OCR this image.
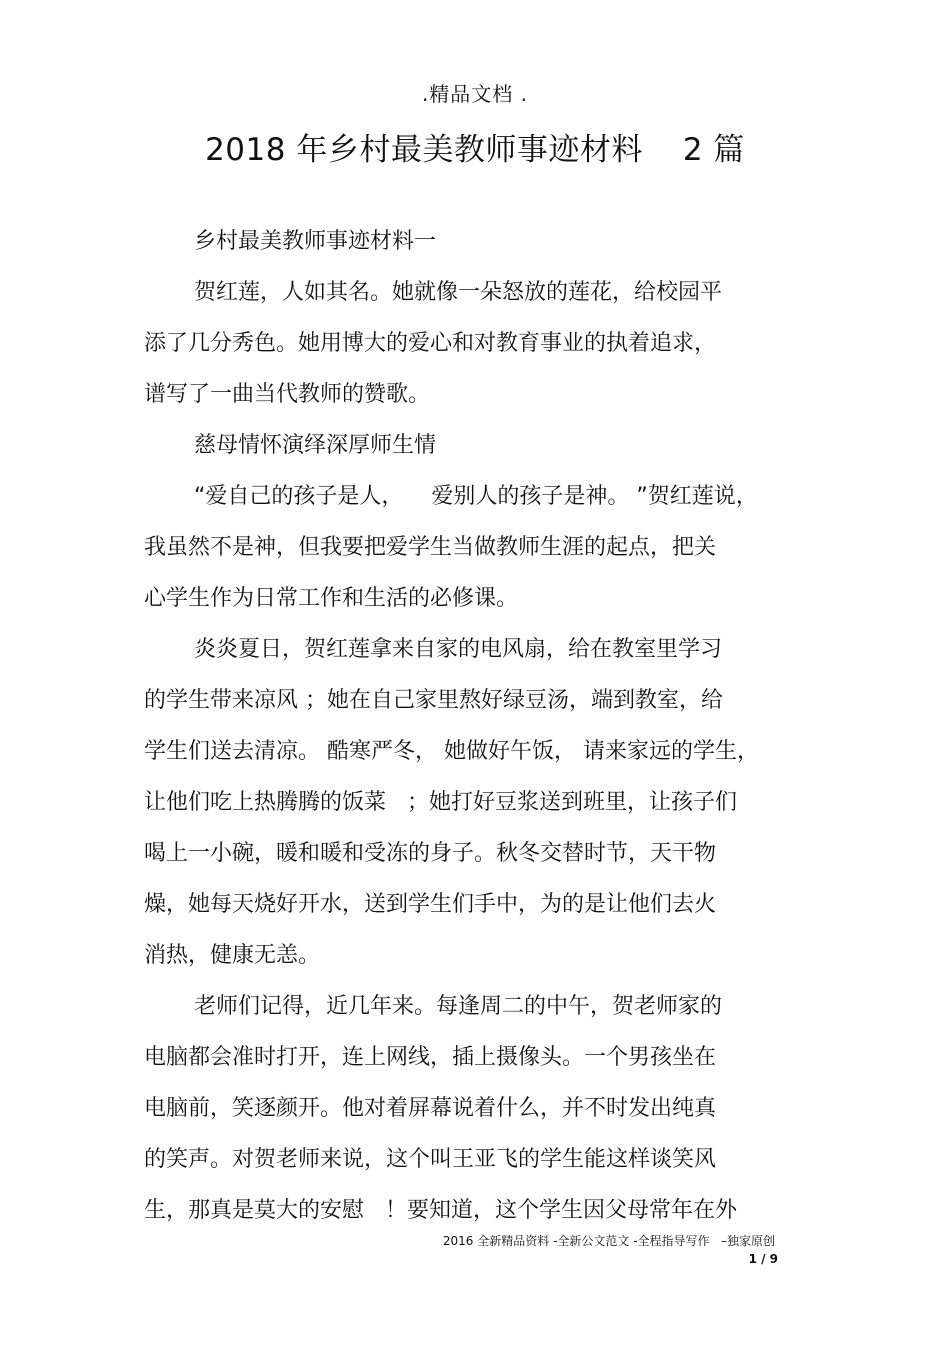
.精品文档 .
2018 年乡村最美教师事迹材料 2 篇
乡村最美教师事迹材料一
贺红莲，人如其名。她就像一朵怒放的莲花，给校园平
添了几分秀色。她用博大的爱心和对教育事业的执着追求，
谱写了一曲当代教师的赞歌。
慈母情怀演绎深厚师生情
“爱自己的孩子是人，    爱别人的孩子是神。 ”贺红莲说，
我虽然不是神，但我要把爱学生当做教师生涯的起点，把关
心学生作为日常工作和生活的必修课。
炎炎夏日，贺红莲拿来自家的电风扇，给在教室里学习
的学生带来凉风 ；她在自己家里熬好绿豆汤，端到教室，给
学生们送去清凉。 酷寒严冬， 她做好午饭， 请来家远的学生，
让他们吃上热腾腾的饭菜   ；她打好豆浆送到班里，让孩子们
喝上一小碗，暖和暖和受冻的身子。秋冬交替时节，天干物
燥，她每天烧好开水，送到学生们手中，为的是让他们去火
消热，健康无恙。
老师们记得，近几年来。每逢周二的中午，贺老师家的
电脑都会准时打开，连上网线，插上摄像头。一个男孩坐在
电脑前，笑逐颜开。他对着屏幕说着什么，并不时发出纯真
的笑声。对贺老师来说，这个叫王亚飞的学生能这样谈笑风
生，那真是莫大的安慰   ！要知道，这个学生因父母常年在外
2016 全新精品资料 -全新公文范文 -全程指导写作   –独家原创
1 / 9
